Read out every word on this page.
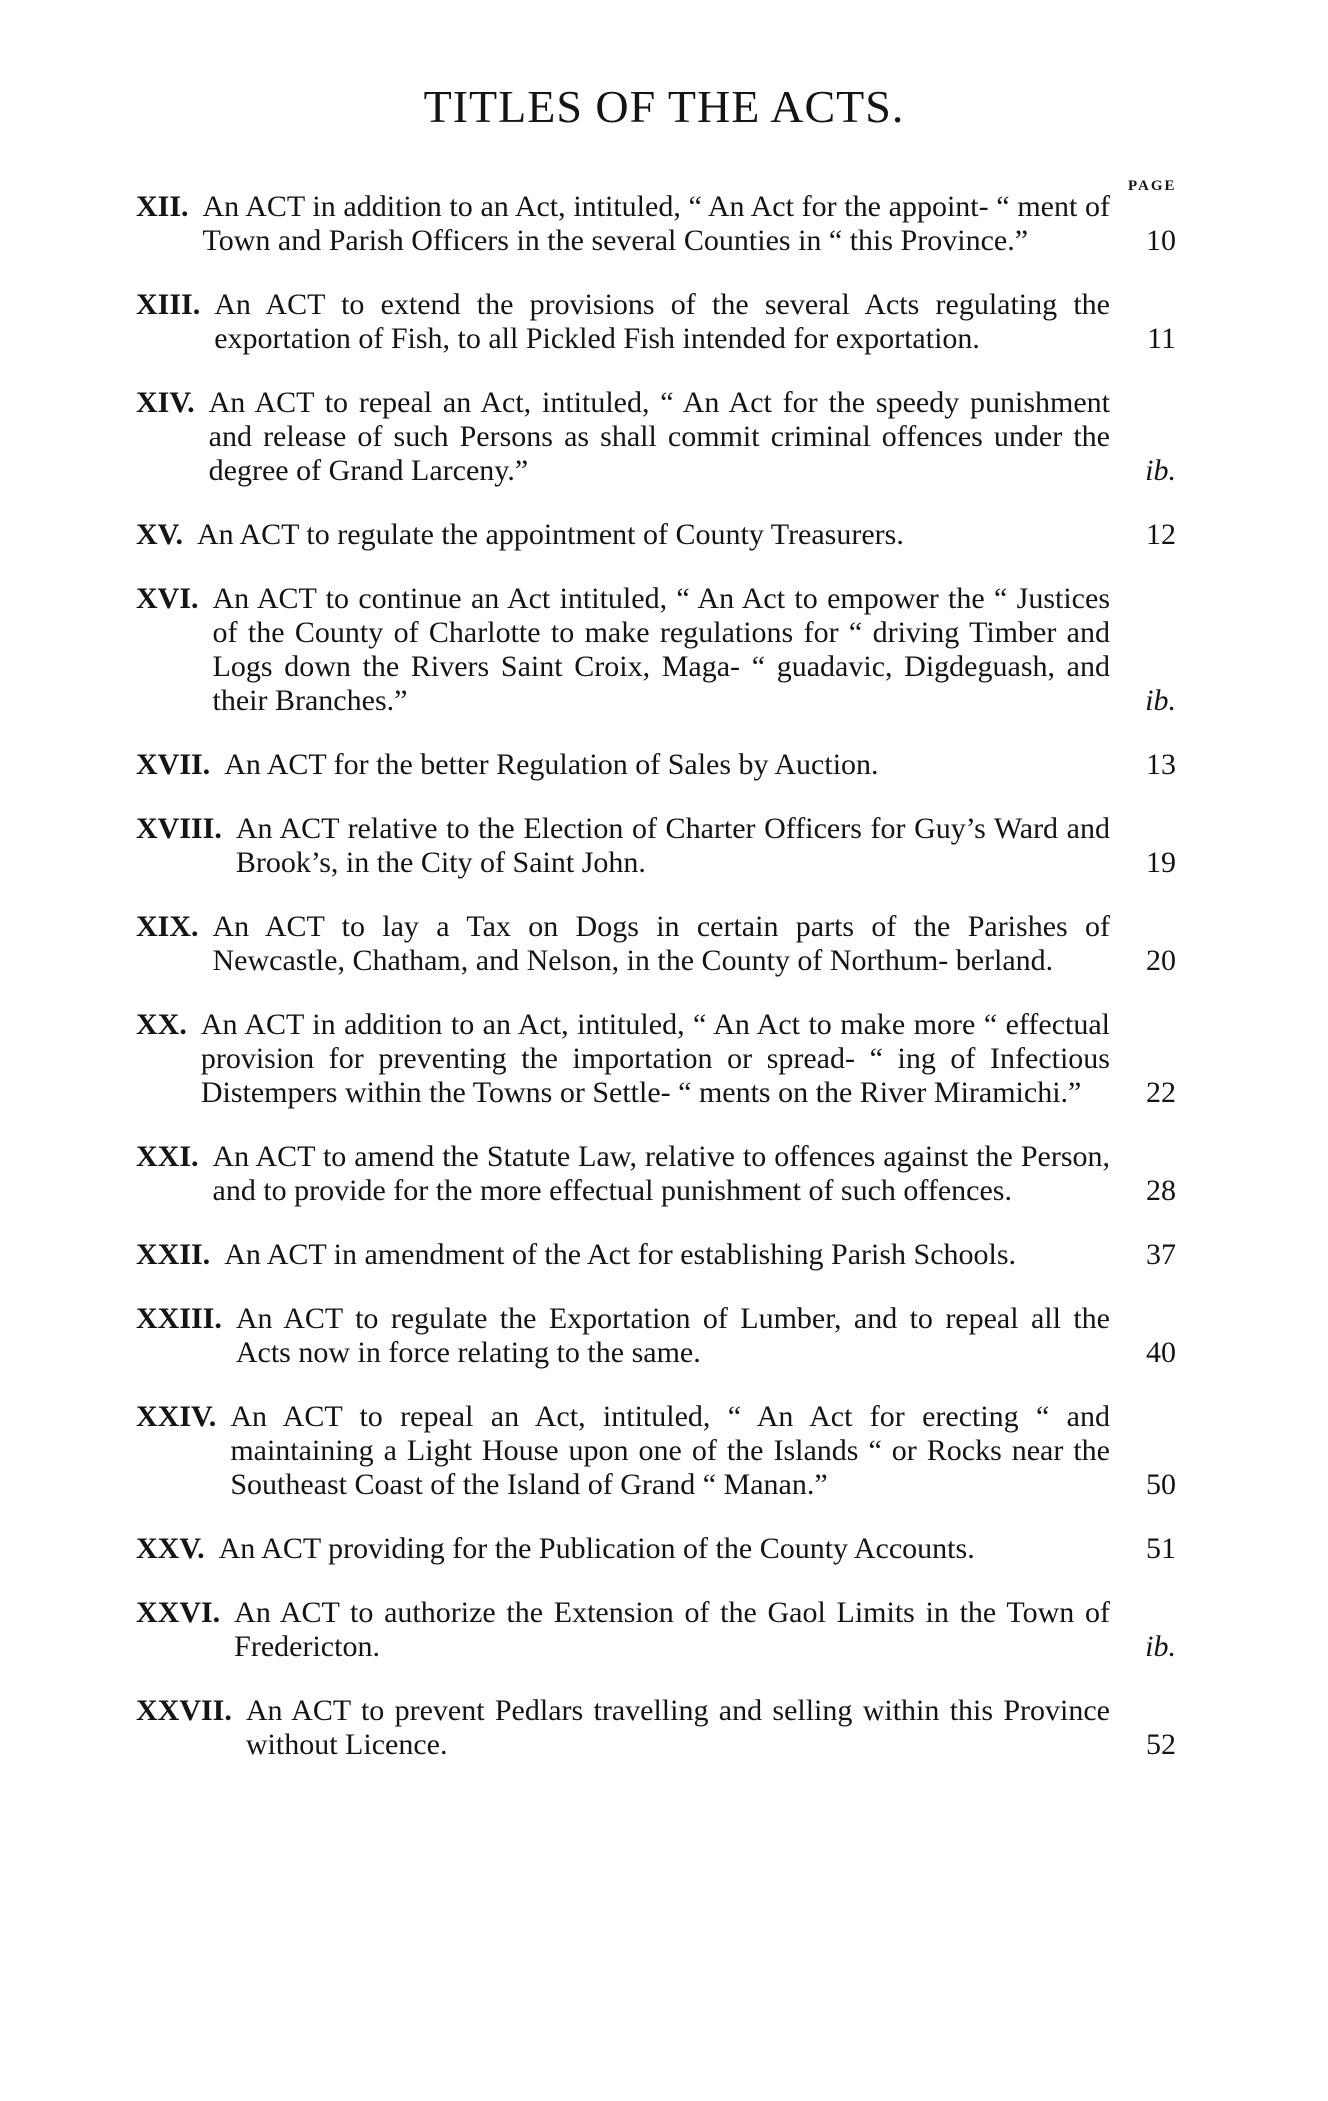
TITLES OF THE ACTS.
PAGE
XII. An ACT in addition to an Act, intituled, “ An Act for the appoint- “ ment of Town and Parish Officers in the several Counties in “ this Province.”	10
XIII. An ACT to extend the provisions of the several Acts regulating the exportation of Fish, to all Pickled Fish intended for exportation.	11
XIV. An ACT to repeal an Act, intituled, “ An Act for the speedy punishment and release of such Persons as shall commit criminal offences under the degree of Grand Larceny.”	ib.
XV. An ACT to regulate the appointment of County Treasurers.	12
XVI. An ACT to continue an Act intituled, “ An Act to empower the “ Justices of the County of Charlotte to make regulations for “ driving Timber and Logs down the Rivers Saint Croix, Maga- “ guadavic, Digdeguash, and their Branches.”	ib.
XVII. An ACT for the better Regulation of Sales by Auction.	13
XVIII. An ACT relative to the Election of Charter Officers for Guy’s Ward and Brook’s, in the City of Saint John.	19
XIX. An ACT to lay a Tax on Dogs in certain parts of the Parishes of Newcastle, Chatham, and Nelson, in the County of Northum- berland.	20
XX. An ACT in addition to an Act, intituled, “ An Act to make more “ effectual provision for preventing the importation or spread- “ ing of Infectious Distempers within the Towns or Settle- “ ments on the River Miramichi.”	22
XXI. An ACT to amend the Statute Law, relative to offences against the Person, and to provide for the more effectual punishment of such offences.	28
XXII. An ACT in amendment of the Act for establishing Parish Schools.	37
XXIII. An ACT to regulate the Exportation of Lumber, and to repeal all the Acts now in force relating to the same.	40
XXIV. An ACT to repeal an Act, intituled, “ An Act for erecting “ and maintaining a Light House upon one of the Islands “ or Rocks near the Southeast Coast of the Island of Grand “ Manan.”	50
XXV. An ACT providing for the Publication of the County Accounts.	51
XXVI. An ACT to authorize the Extension of the Gaol Limits in the Town of Fredericton.	ib.
XXVII. An ACT to prevent Pedlars travelling and selling within this Province without Licence.	52
